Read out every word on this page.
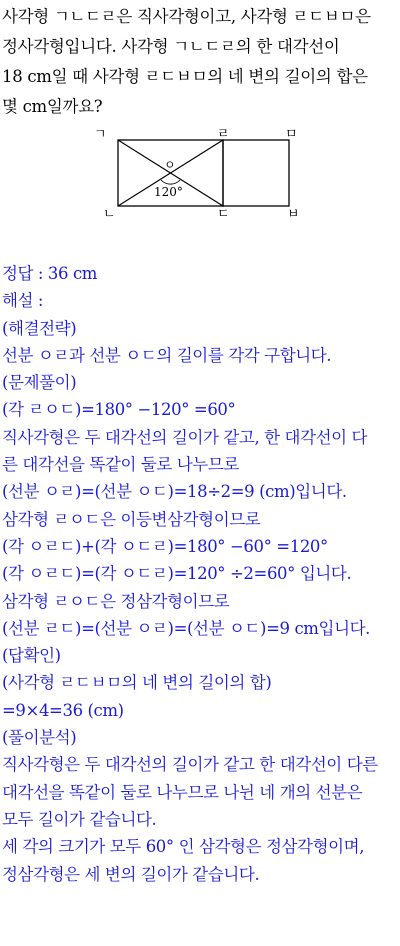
사각형 ㄱㄴㄷㄹ은 직사각형이고, 사각형 ㄹㄷㅂㅁ은
정사각형입니다. 사각형 ㄱㄴㄷㄹ의 한 대각선이
18 cm일 때 사각형 ㄹㄷㅂㅁ의 네 변의 길이의 합은
몇 cm일까요?
ㄱ	ㄹ	ㅁ
ㄴ	ㄷ	ㅂ
ㅇ
120°
정답 : 36 cm
해설 :
(해결전략)
선분 ㅇㄹ과 선분 ㅇㄷ의 길이를 각각 구합니다.
(문제풀이)
(각 ㄹㅇㄷ)=180° −120° =60°
직사각형은 두 대각선의 길이가 같고, 한 대각선이 다
른 대각선을 똑같이 둘로 나누므로
(선분 ㅇㄹ)=(선분 ㅇㄷ)=18÷2=9 (cm)입니다.
삼각형 ㄹㅇㄷ은 이등변삼각형이므로
(각 ㅇㄹㄷ)+(각 ㅇㄷㄹ)=180° −60° =120°
(각 ㅇㄹㄷ)=(각 ㅇㄷㄹ)=120° ÷2=60° 입니다.
삼각형 ㄹㅇㄷ은 정삼각형이므로
(선분 ㄹㄷ)=(선분 ㅇㄹ)=(선분 ㅇㄷ)=9 cm입니다.
(답확인)
(사각형 ㄹㄷㅂㅁ의 네 변의 길이의 합)
=9×4=36 (cm)
(풀이분석)
직사각형은 두 대각선의 길이가 같고 한 대각선이 다른
대각선을 똑같이 둘로 나누므로 나뉜 네 개의 선분은
모두 길이가 같습니다.
세 각의 크기가 모두 60° 인 삼각형은 정삼각형이며,
정삼각형은 세 변의 길이가 같습니다.
